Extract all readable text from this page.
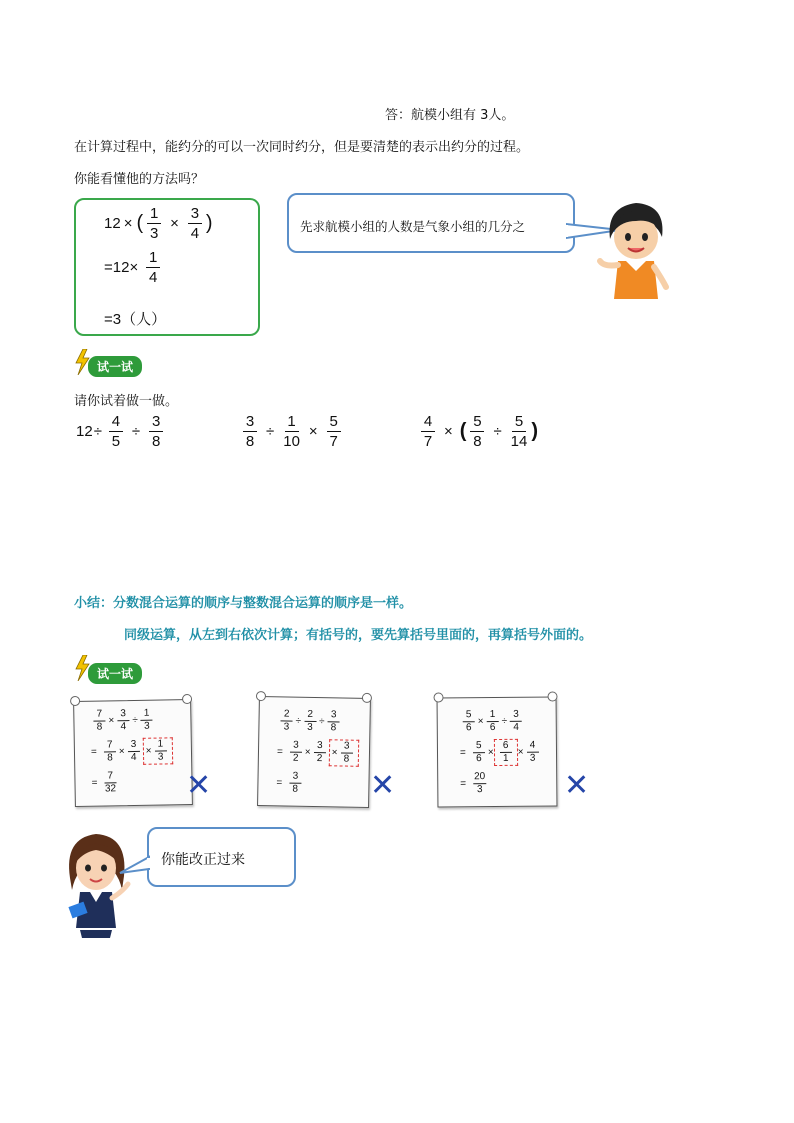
答：航模小组有 3人。
在计算过程中，能约分的可以一次同时约分，但是要清楚的表示出约分的过程。
你能看懂他的方法吗？
12 × ( $\frac{1}{3} \times \frac{3}{4}$ )
$=12\times \frac{1}{4}$
=3（人）
先求航模小组的人数是气象小组的几分之
试一试
请你试着做一做。
$12 \div \frac{4}{5} \div \frac{3}{8}$	$\frac{3}{8} \div \frac{1}{10} \times \frac{5}{7}$	$\frac{4}{7}$ × ( $\frac{5}{8} \div \frac{5}{14}$ )
小结：分数混合运算的顺序与整数混合运算的顺序是一样。
同级运算，从左到右依次计算；有括号的，要先算括号里面的，再算括号外面的。
试一试
$\frac{7}{8} \times \frac{3}{4} \div \frac{1}{3}$
= $\frac{7}{8} \times \frac{3}{4} \times \frac{1}{3}$
= $\frac{7}{32}$ ✕
$\frac{2}{3} \div \frac{2}{3} \div \frac{3}{8}$
= $\frac{3}{2} \times \frac{3}{2} \times \frac{3}{8}$
= $\frac{3}{8}$ ✕
$\frac{5}{6} \times \frac{1}{6} \div \frac{3}{4}$
= $\frac{5}{6} \times \frac{6}{1} \times \frac{4}{3}$
= $\frac{20}{3}$	✕
你能改正过来
